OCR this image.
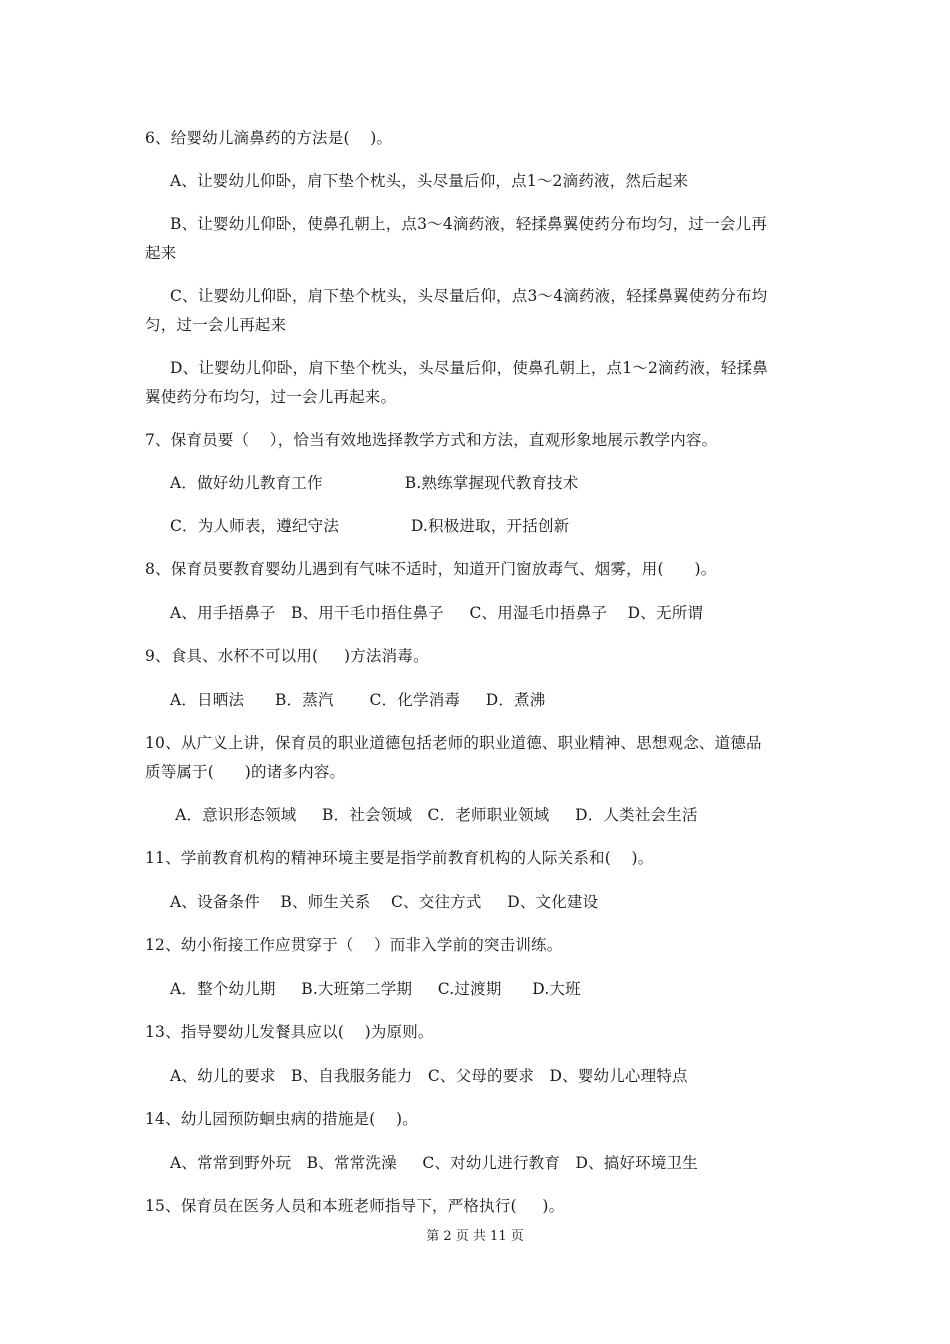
6、给婴幼儿滴鼻药的方法是(    )。
A、让婴幼儿仰卧，肩下垫个枕头，头尽量后仰，点1～2滴药液，然后起来
B、让婴幼儿仰卧，使鼻孔朝上，点3～4滴药液，轻揉鼻翼使药分布均匀，过一会儿再
起来
C、让婴幼儿仰卧，肩下垫个枕头，头尽量后仰，点3～4滴药液，轻揉鼻翼使药分布均
匀，过一会儿再起来
D、让婴幼儿仰卧，肩下垫个枕头，头尽量后仰，使鼻孔朝上，点1～2滴药液，轻揉鼻
翼使药分布均匀，过一会儿再起来。
7、保育员要（    ），恰当有效地选择教学方式和方法，直观形象地展示教学内容。
A．做好幼儿教育工作                B.熟练掌握现代教育技术
C．为人师表，遵纪守法              D.积极进取，开括创新
8、保育员要教育婴幼儿遇到有气味不适时，知道开门窗放毒气、烟雾，用(      )。
A、用手捂鼻子   B、用干毛巾捂住鼻子     C、用湿毛巾捂鼻子    D、无所谓
9、食具、水杯不可以用(     )方法消毒。
A．日晒法      B．蒸汽       C．化学消毒     D．煮沸
10、从广义上讲，保育员的职业道德包括老师的职业道德、职业精神、思想观念、道德品
质等属于(      )的诸多内容。
A．意识形态领域     B．社会领域   C．老师职业领域     D．人类社会生活
11、学前教育机构的精神环境主要是指学前教育机构的人际关系和(    )。
A、设备条件    B、师生关系    C、交往方式     D、文化建设
12、幼小衔接工作应贯穿于（    ）而非入学前的突击训练。
A．整个幼儿期     B.大班第二学期     C.过渡期      D.大班
13、指导婴幼儿发餐具应以(    )为原则。
A、幼儿的要求   B、自我服务能力   C、父母的要求   D、婴幼儿心理特点
14、幼儿园预防蛔虫病的措施是(    )。
A、常常到野外玩   B、常常洗澡     C、对幼儿进行教育   D、搞好环境卫生
15、保育员在医务人员和本班老师指导下，严格执行(     )。
第 2 页 共 11 页
